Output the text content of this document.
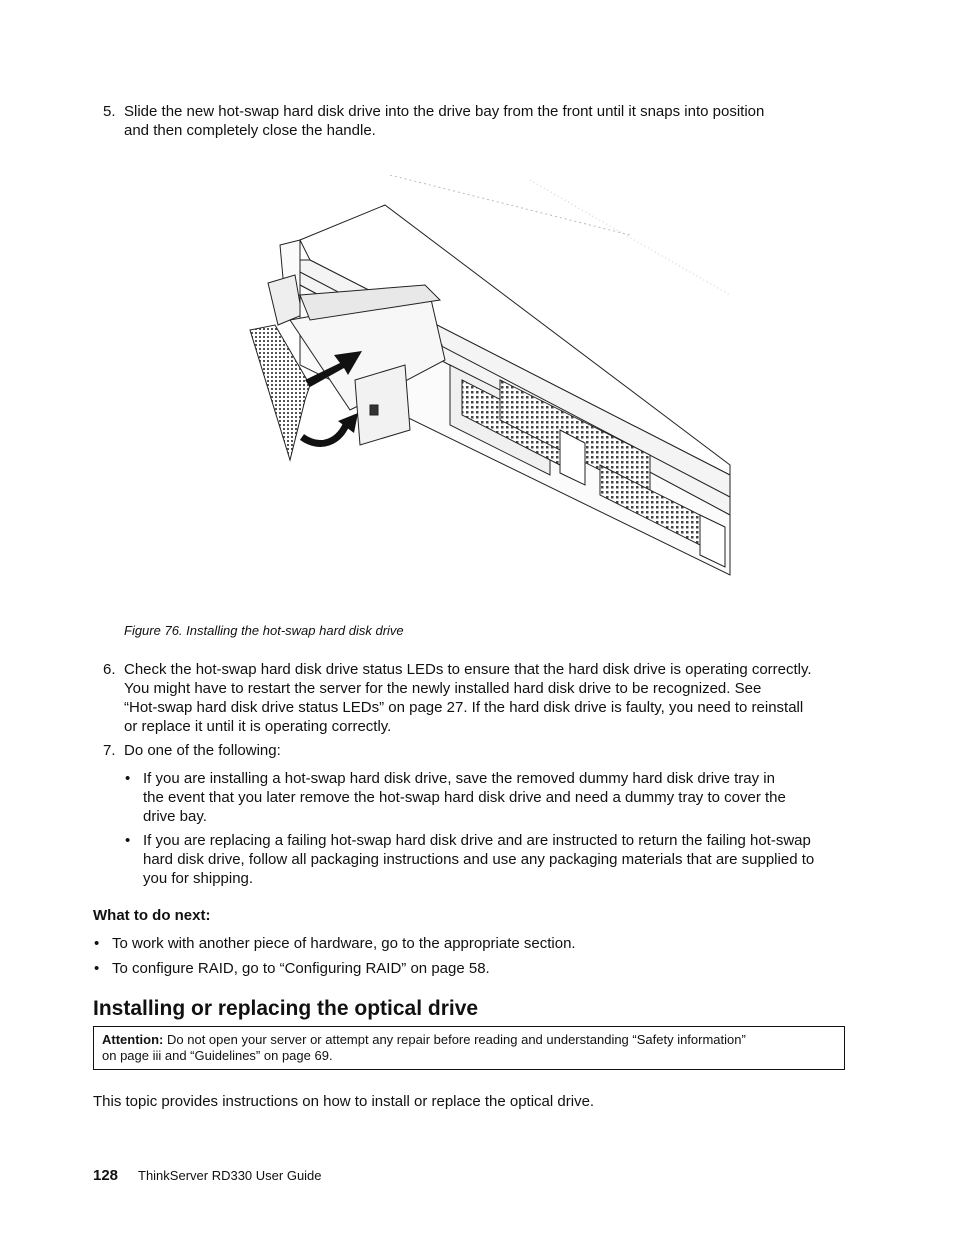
5. Slide the new hot-swap hard disk drive into the drive bay from the front until it snaps into position
and then completely close the handle.
Figure 76. Installing the hot-swap hard disk drive
6. Check the hot-swap hard disk drive status LEDs to ensure that the hard disk drive is operating correctly.
You might have to restart the server for the newly installed hard disk drive to be recognized. See
“Hot-swap hard disk drive status LEDs” on page 27. If the hard disk drive is faulty, you need to reinstall
or replace it until it is operating correctly.
7. Do one of the following:
• If you are installing a hot-swap hard disk drive, save the removed dummy hard disk drive tray in
the event that you later remove the hot-swap hard disk drive and need a dummy tray to cover the
drive bay.
• If you are replacing a failing hot-swap hard disk drive and are instructed to return the failing hot-swap
hard disk drive, follow all packaging instructions and use any packaging materials that are supplied to
you for shipping.
What to do next:
• To work with another piece of hardware, go to the appropriate section.
• To configure RAID, go to “Configuring RAID” on page 58.
Installing or replacing the optical drive
Attention: Do not open your server or attempt any repair before reading and understanding “Safety information”
on page iii and “Guidelines” on page 69.
This topic provides instructions on how to install or replace the optical drive.
128 ThinkServer RD330 User Guide
